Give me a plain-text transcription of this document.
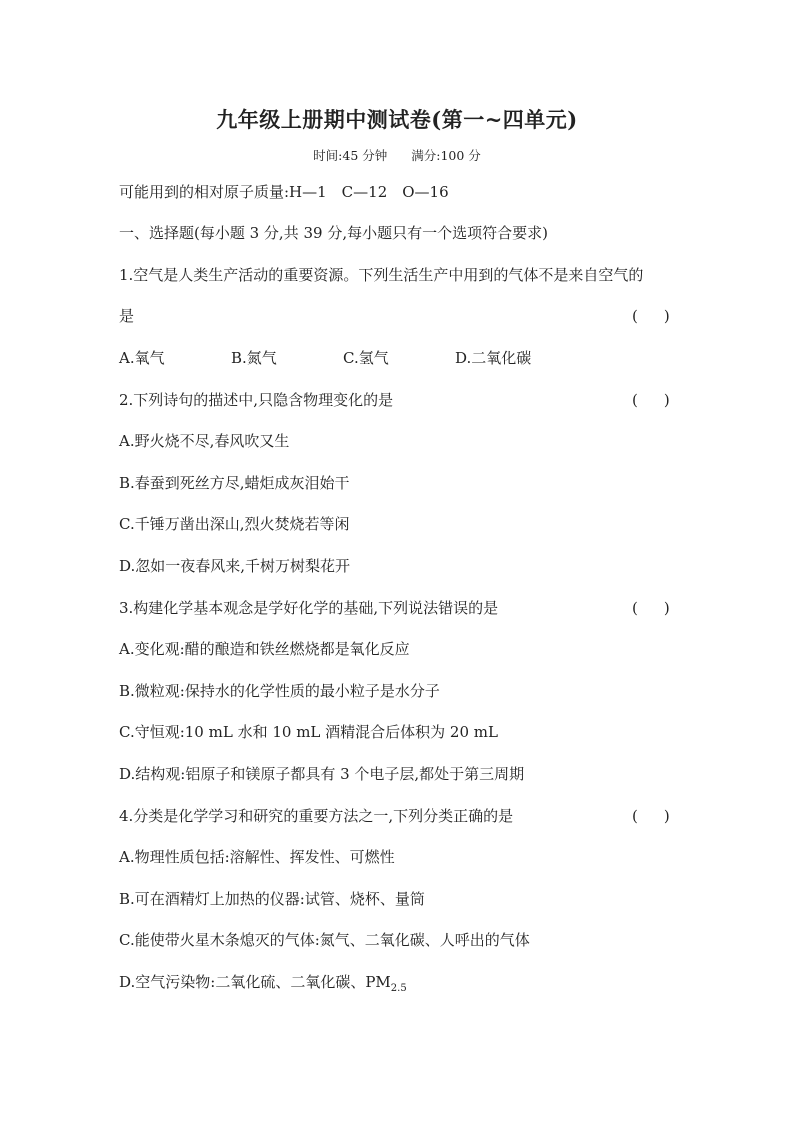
九年级上册期中测试卷(第一~四单元)
时间:45 分钟 满分:100 分
可能用到的相对原子质量:H—1　C—12　O—16
一、选择题(每小题 3 分,共 39 分,每小题只有一个选项符合要求)
1.空气是人类生产活动的重要资源。下列生活生产中用到的气体不是来自空气的
是	( )
A.氧气	B.氮气	C.氢气	D.二氧化碳
2.下列诗句的描述中,只隐含物理变化的是	( )
A.野火烧不尽,春风吹又生
B.春蚕到死丝方尽,蜡炬成灰泪始干
C.千锤万凿出深山,烈火焚烧若等闲
D.忽如一夜春风来,千树万树梨花开
3.构建化学基本观念是学好化学的基础,下列说法错误的是	( )
A.变化观:醋的酿造和铁丝燃烧都是氧化反应
B.微粒观:保持水的化学性质的最小粒子是水分子
C.守恒观:10 mL 水和 10 mL 酒精混合后体积为 20 mL
D.结构观:铝原子和镁原子都具有 3 个电子层,都处于第三周期
4.分类是化学学习和研究的重要方法之一,下列分类正确的是	( )
A.物理性质包括:溶解性、挥发性、可燃性
B.可在酒精灯上加热的仪器:试管、烧杯、量筒
C.能使带火星木条熄灭的气体:氮气、二氧化碳、人呼出的气体
D.空气污染物:二氧化硫、二氧化碳、$PM_{2.5}$
